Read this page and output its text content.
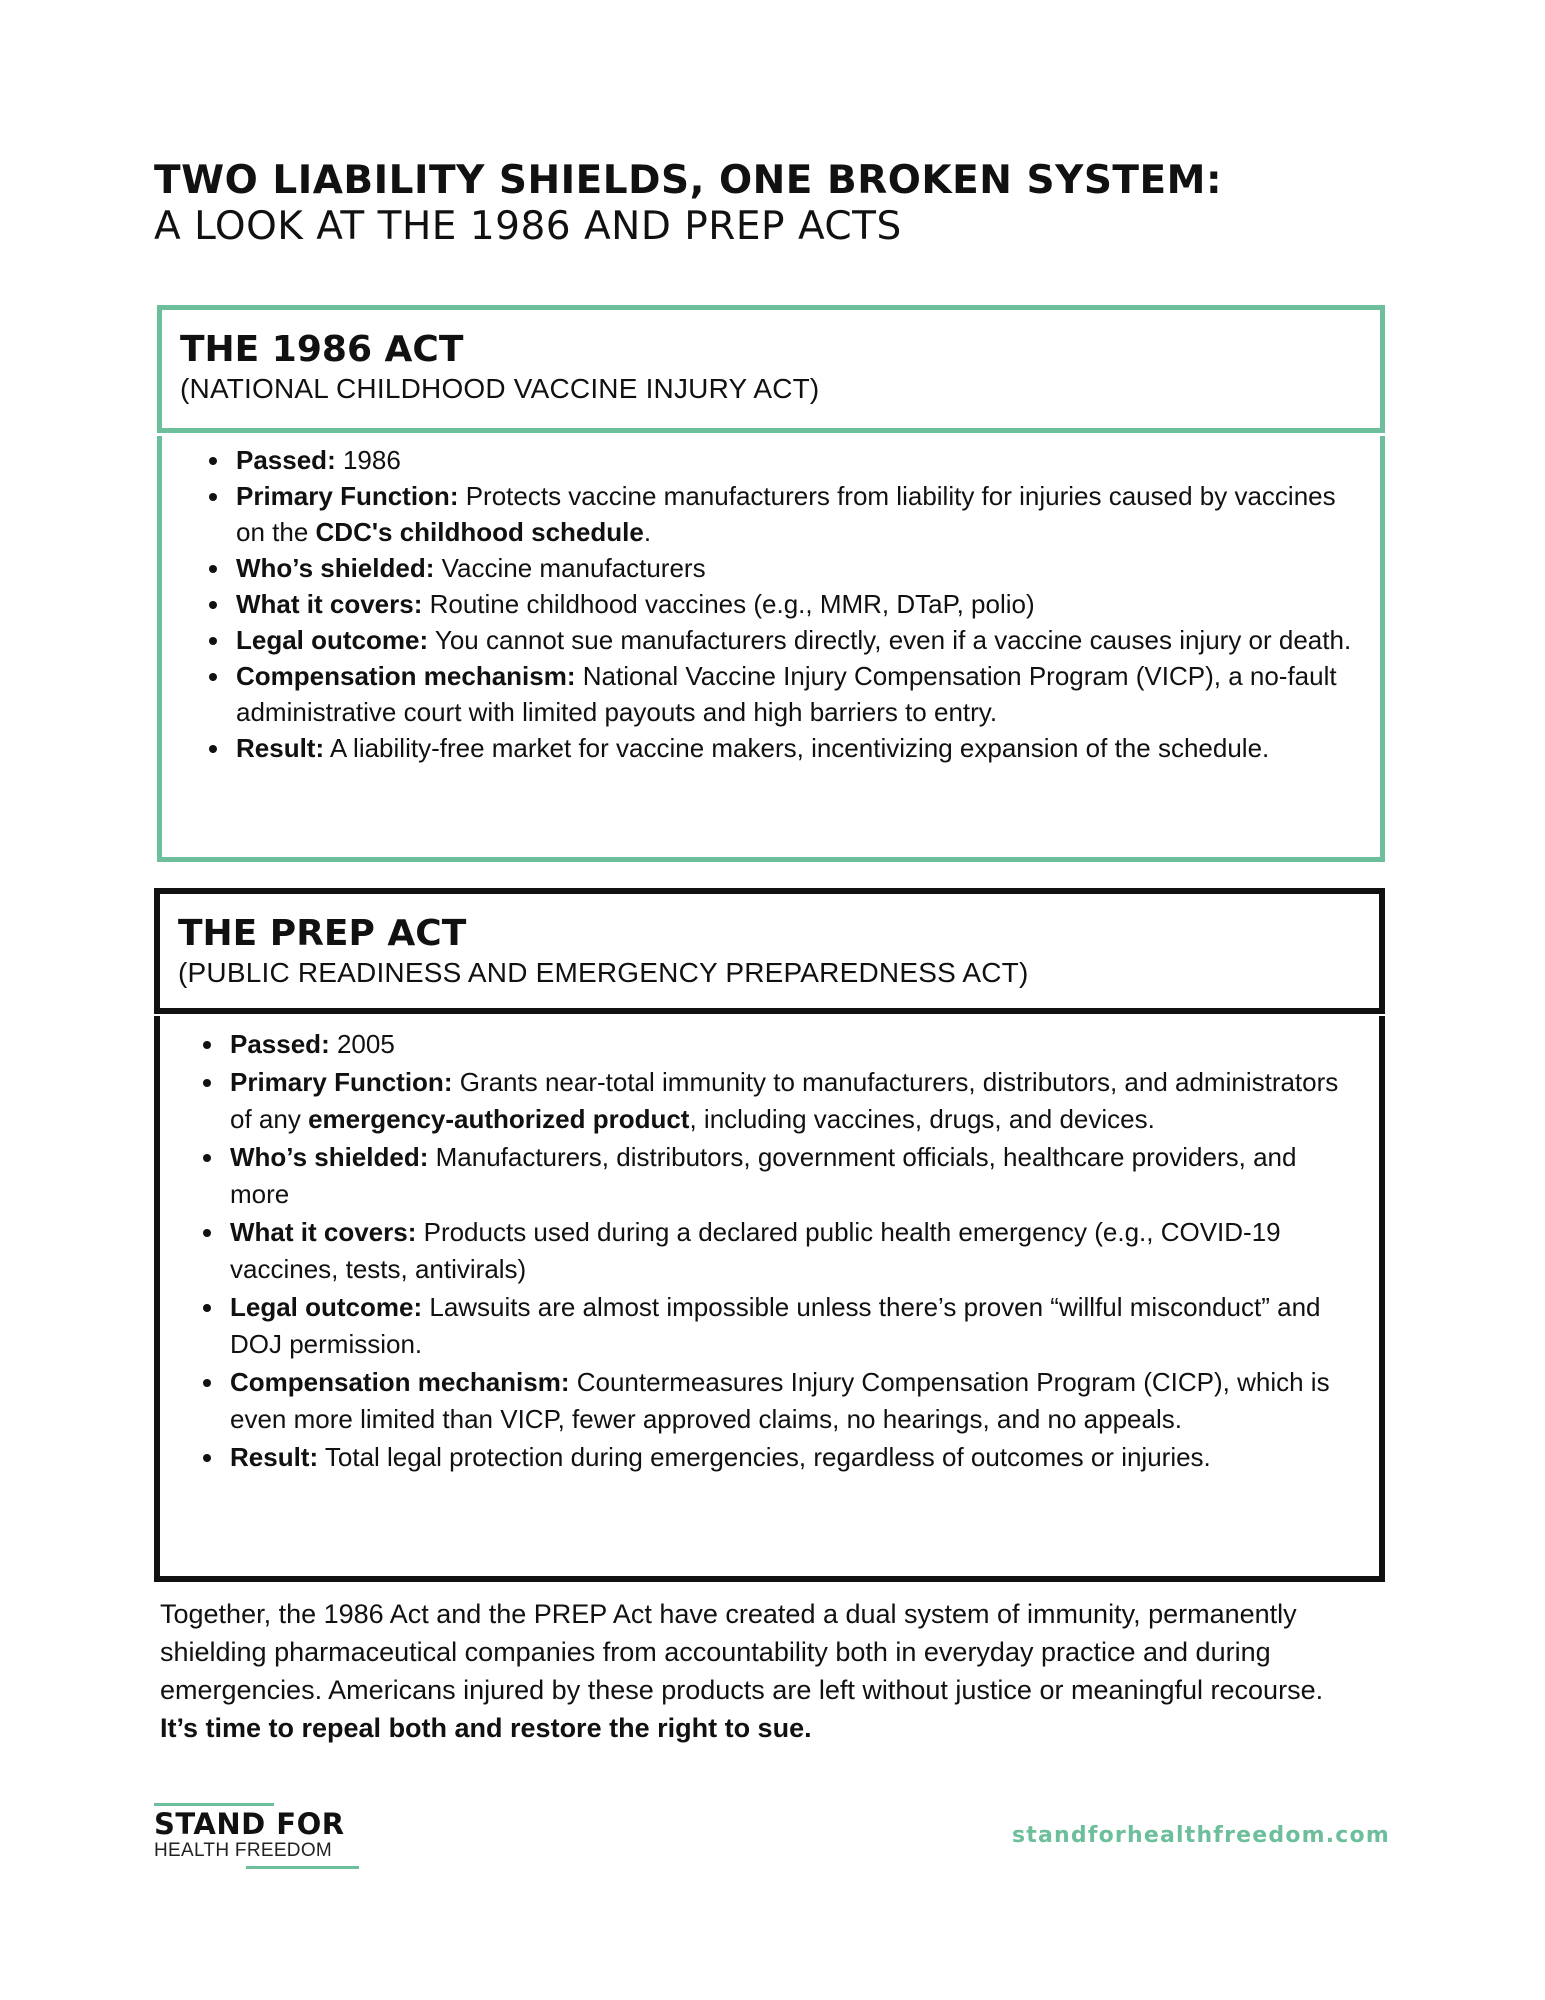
TWO LIABILITY SHIELDS, ONE BROKEN SYSTEM:
A LOOK AT THE 1986 AND PREP ACTS
THE 1986 ACT
(NATIONAL CHILDHOOD VACCINE INJURY ACT)
Passed: 1986
Primary Function: Protects vaccine manufacturers from liability for injuries caused by vaccines on the CDC's childhood schedule.
Who’s shielded: Vaccine manufacturers
What it covers: Routine childhood vaccines (e.g., MMR, DTaP, polio)
Legal outcome: You cannot sue manufacturers directly, even if a vaccine causes injury or death.
Compensation mechanism: National Vaccine Injury Compensation Program (VICP), a no-fault administrative court with limited payouts and high barriers to entry.
Result: A liability-free market for vaccine makers, incentivizing expansion of the schedule.
THE PREP ACT
(PUBLIC READINESS AND EMERGENCY PREPAREDNESS ACT)
Passed: 2005
Primary Function: Grants near-total immunity to manufacturers, distributors, and administrators of any emergency-authorized product, including vaccines, drugs, and devices.
Who’s shielded: Manufacturers, distributors, government officials, healthcare providers, and more
What it covers: Products used during a declared public health emergency (e.g., COVID-19 vaccines, tests, antivirals)
Legal outcome: Lawsuits are almost impossible unless there’s proven “willful misconduct” and DOJ permission.
Compensation mechanism: Countermeasures Injury Compensation Program (CICP), which is even more limited than VICP, fewer approved claims, no hearings, and no appeals.
Result: Total legal protection during emergencies, regardless of outcomes or injuries.
Together, the 1986 Act and the PREP Act have created a dual system of immunity, permanently shielding pharmaceutical companies from accountability both in everyday practice and during emergencies. Americans injured by these products are left without justice or meaningful recourse. It’s time to repeal both and restore the right to sue.
STAND FOR
HEALTH FREEDOM
standforhealthfreedom.com
